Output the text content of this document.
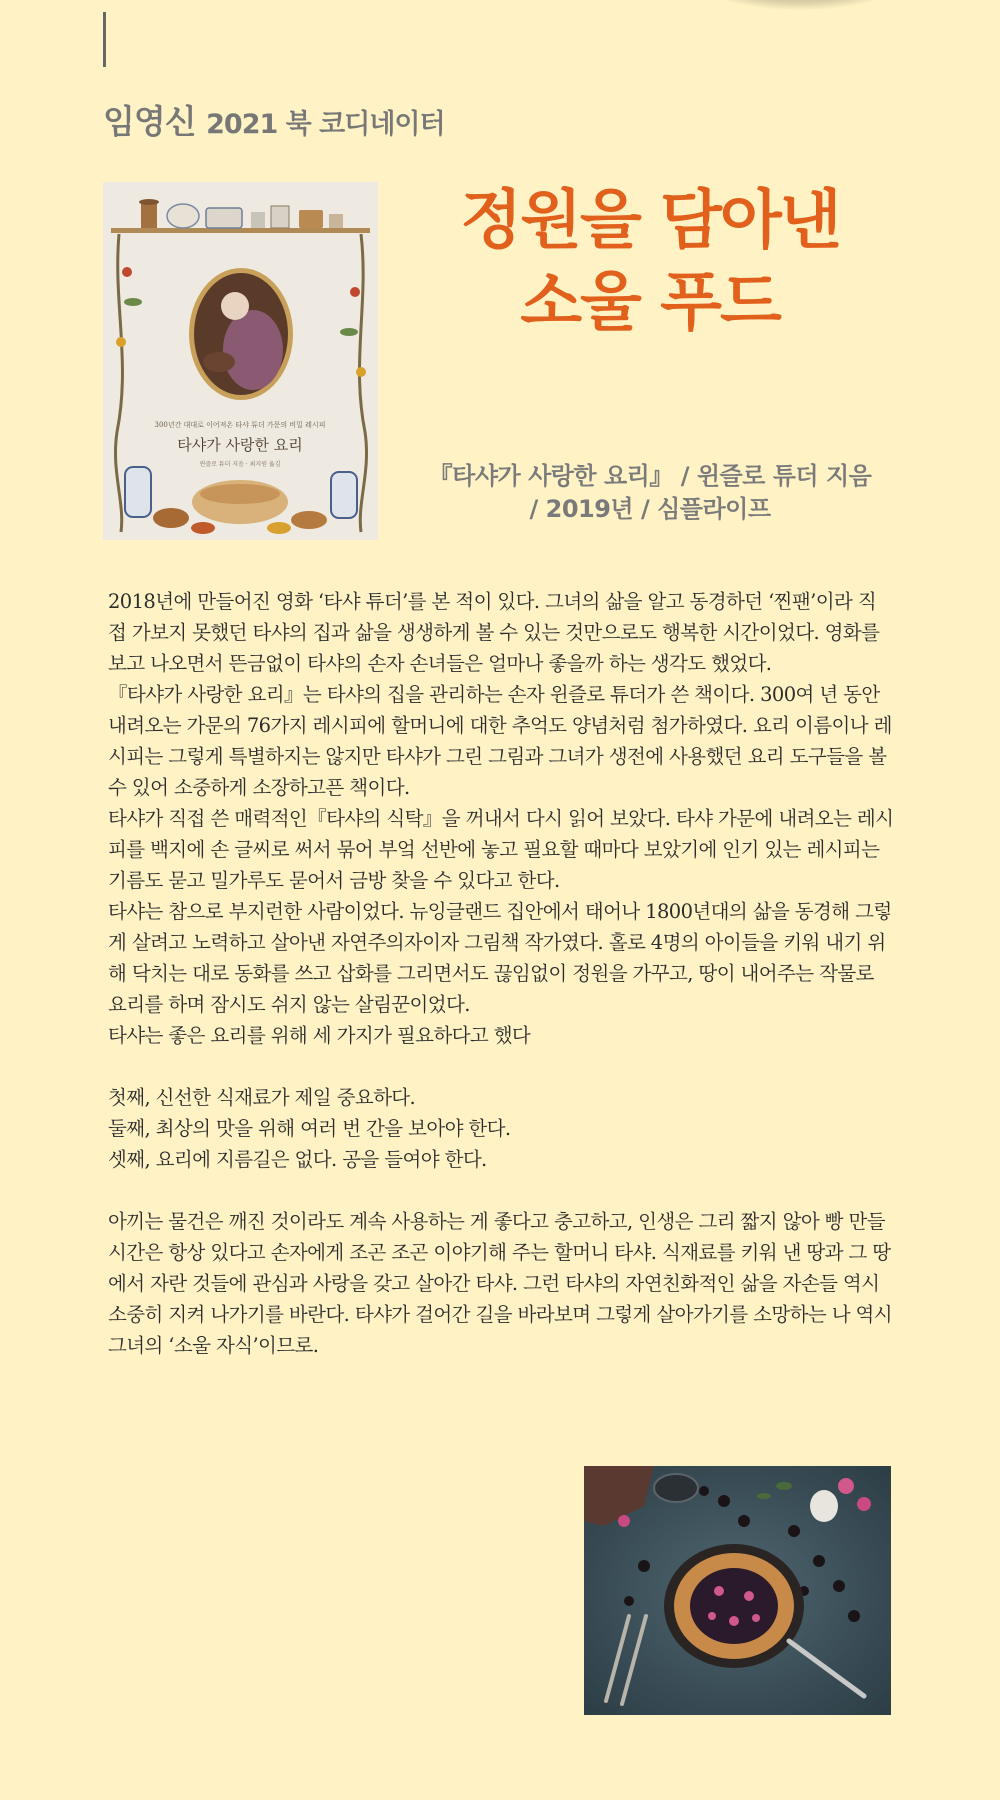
임영신 2021 북 코디네이터
300년간 대대로 이어져온 타샤 튜더 가문의 비밀 레시피
타샤가 사랑한 요리
윈즐로 튜더 지음 · 최지원 옮김
정원을 담아낸
소울 푸드
『타샤가 사랑한 요리』 / 윈즐로 튜더 지음
/ 2019년 / 심플라이프

2018년에 만들어진 영화 ‘타샤 튜더’를 본 적이 있다. 그녀의 삶을 알고 동경하던 ‘찐팬’이라 직접 가보지 못했던 타샤의 집과 삶을 생생하게 볼 수 있는 것만으로도 행복한 시간이었다. 영화를 보고 나오면서 뜬금없이 타샤의 손자 손녀들은 얼마나 좋을까 하는 생각도 했었다.

『타샤가 사랑한 요리』는 타샤의 집을 관리하는 손자 윈즐로 튜더가 쓴 책이다. 300여 년 동안 내려오는 가문의 76가지 레시피에 할머니에 대한 추억도 양념처럼 첨가하였다. 요리 이름이나 레시피는 그렇게 특별하지는 않지만 타샤가 그린 그림과 그녀가 생전에 사용했던 요리 도구들을 볼 수 있어 소중하게 소장하고픈 책이다.

타샤가 직접 쓴 매력적인『타샤의 식탁』을 꺼내서 다시 읽어 보았다. 타샤 가문에 내려오는 레시피를 백지에 손 글씨로 써서 묶어 부엌 선반에 놓고 필요할 때마다 보았기에 인기 있는 레시피는 기름도 묻고 밀가루도 묻어서 금방 찾을 수 있다고 한다.

타샤는 참으로 부지런한 사람이었다. 뉴잉글랜드 집안에서 태어나 1800년대의 삶을 동경해 그렇게 살려고 노력하고 살아낸 자연주의자이자 그림책 작가였다. 홀로 4명의 아이들을 키워 내기 위해 닥치는 대로 동화를 쓰고 삽화를 그리면서도 끊임없이 정원을 가꾸고, 땅이 내어주는 작물로 요리를 하며 잠시도 쉬지 않는 살림꾼이었다.

타샤는 좋은 요리를 위해 세 가지가 필요하다고 했다

첫째, 신선한 식재료가 제일 중요하다.

둘째, 최상의 맛을 위해 여러 번 간을 보아야 한다.

셋째, 요리에 지름길은 없다. 공을 들여야 한다.

아끼는 물건은 깨진 것이라도 계속 사용하는 게 좋다고 충고하고, 인생은 그리 짧지 않아 빵 만들 시간은 항상 있다고 손자에게 조곤 조곤 이야기해 주는 할머니 타샤. 식재료를 키워 낸 땅과 그 땅에서 자란 것들에 관심과 사랑을 갖고 살아간 타샤. 그런 타샤의 자연친화적인 삶을 자손들 역시 소중히 지켜 나가기를 바란다. 타샤가 걸어간 길을 바라보며 그렇게 살아가기를 소망하는 나 역시 그녀의 ‘소울 자식’이므로.
